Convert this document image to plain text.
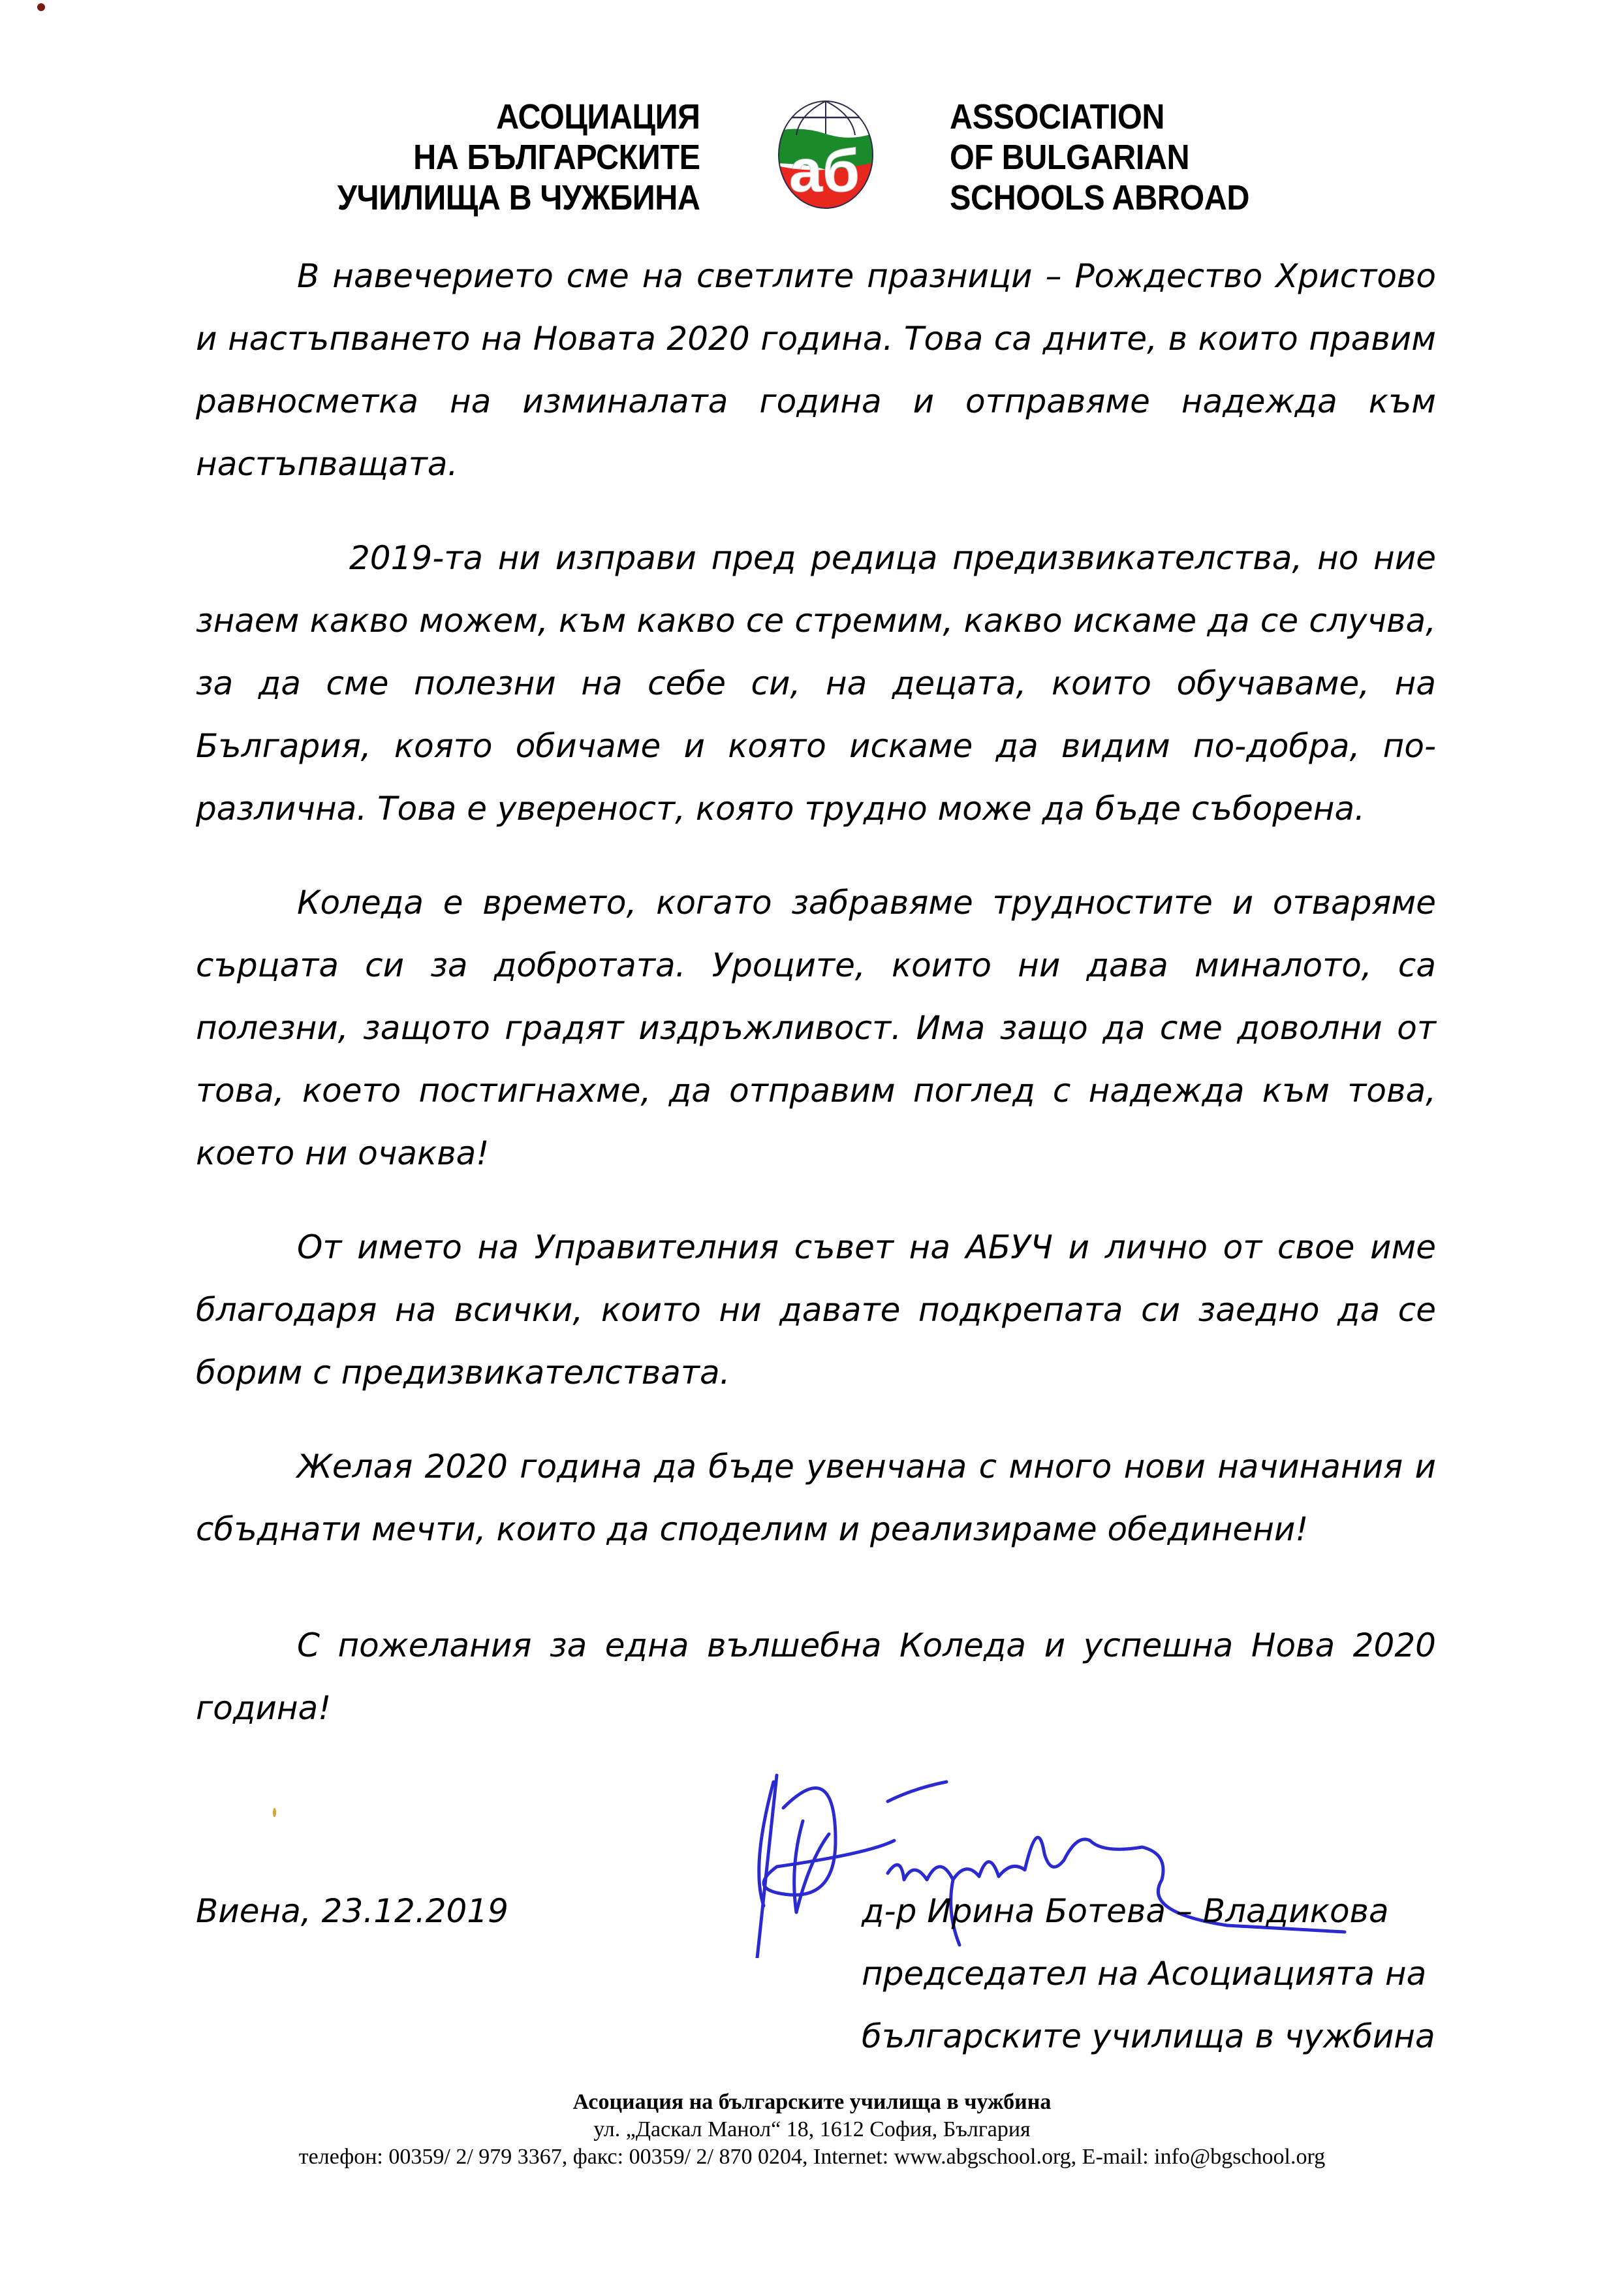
АСОЦИАЦИЯ
НА БЪЛГАРСКИТЕ
УЧИЛИЩА В ЧУЖБИНА аб
ASSOCIATION
OF BULGARIAN
SCHOOLS ABROAD

В навечерието сме на светлите празници – Рождество Христово и настъпването на Новата 2020 година. Това са дните, в които правим равносметка на изминалата година и отправяме надежда към настъпващата.

2019-та ни изправи пред редица предизвикателства, но ние знаем какво можем, към какво се стремим, какво искаме да се случва, за да сме полезни на себе си, на децата, които обучаваме, на България, която обичаме и която искаме да видим по-добра, по-различна. Това е увереност, която трудно може да бъде съборена.

Коледа е времето, когато забравяме трудностите и отваряме сърцата си за добротата. Уроците, които ни дава миналото, са полезни, защото градят издръжливост. Има защо да сме доволни от това, което постигнахме, да отправим поглед с надежда към това, което ни очаква!

От името на Управителния съвет на АБУЧ и лично от свое име благодаря на всички, които ни давате подкрепата си заедно да се борим с предизвикателствата.

Желая 2020 година да бъде увенчана с много нови начинания и сбъднати мечти, които да споделим и реализираме обединени!

С пожелания за една вълшебна Коледа и успешна Нова 2020 година!

Виена, 23.12.2019	д-р Ирина Ботева – Владикова
председател на Асоциацията на българските училища в чужбина
Асоциация на българските училища в чужбина
ул. „Даскал Манол“ 18, 1612 София, България
телефон: 00359/ 2/ 979 3367, факс: 00359/ 2/ 870 0204, Internet: www.abgschool.org, E-mail: info@bgschool.org
